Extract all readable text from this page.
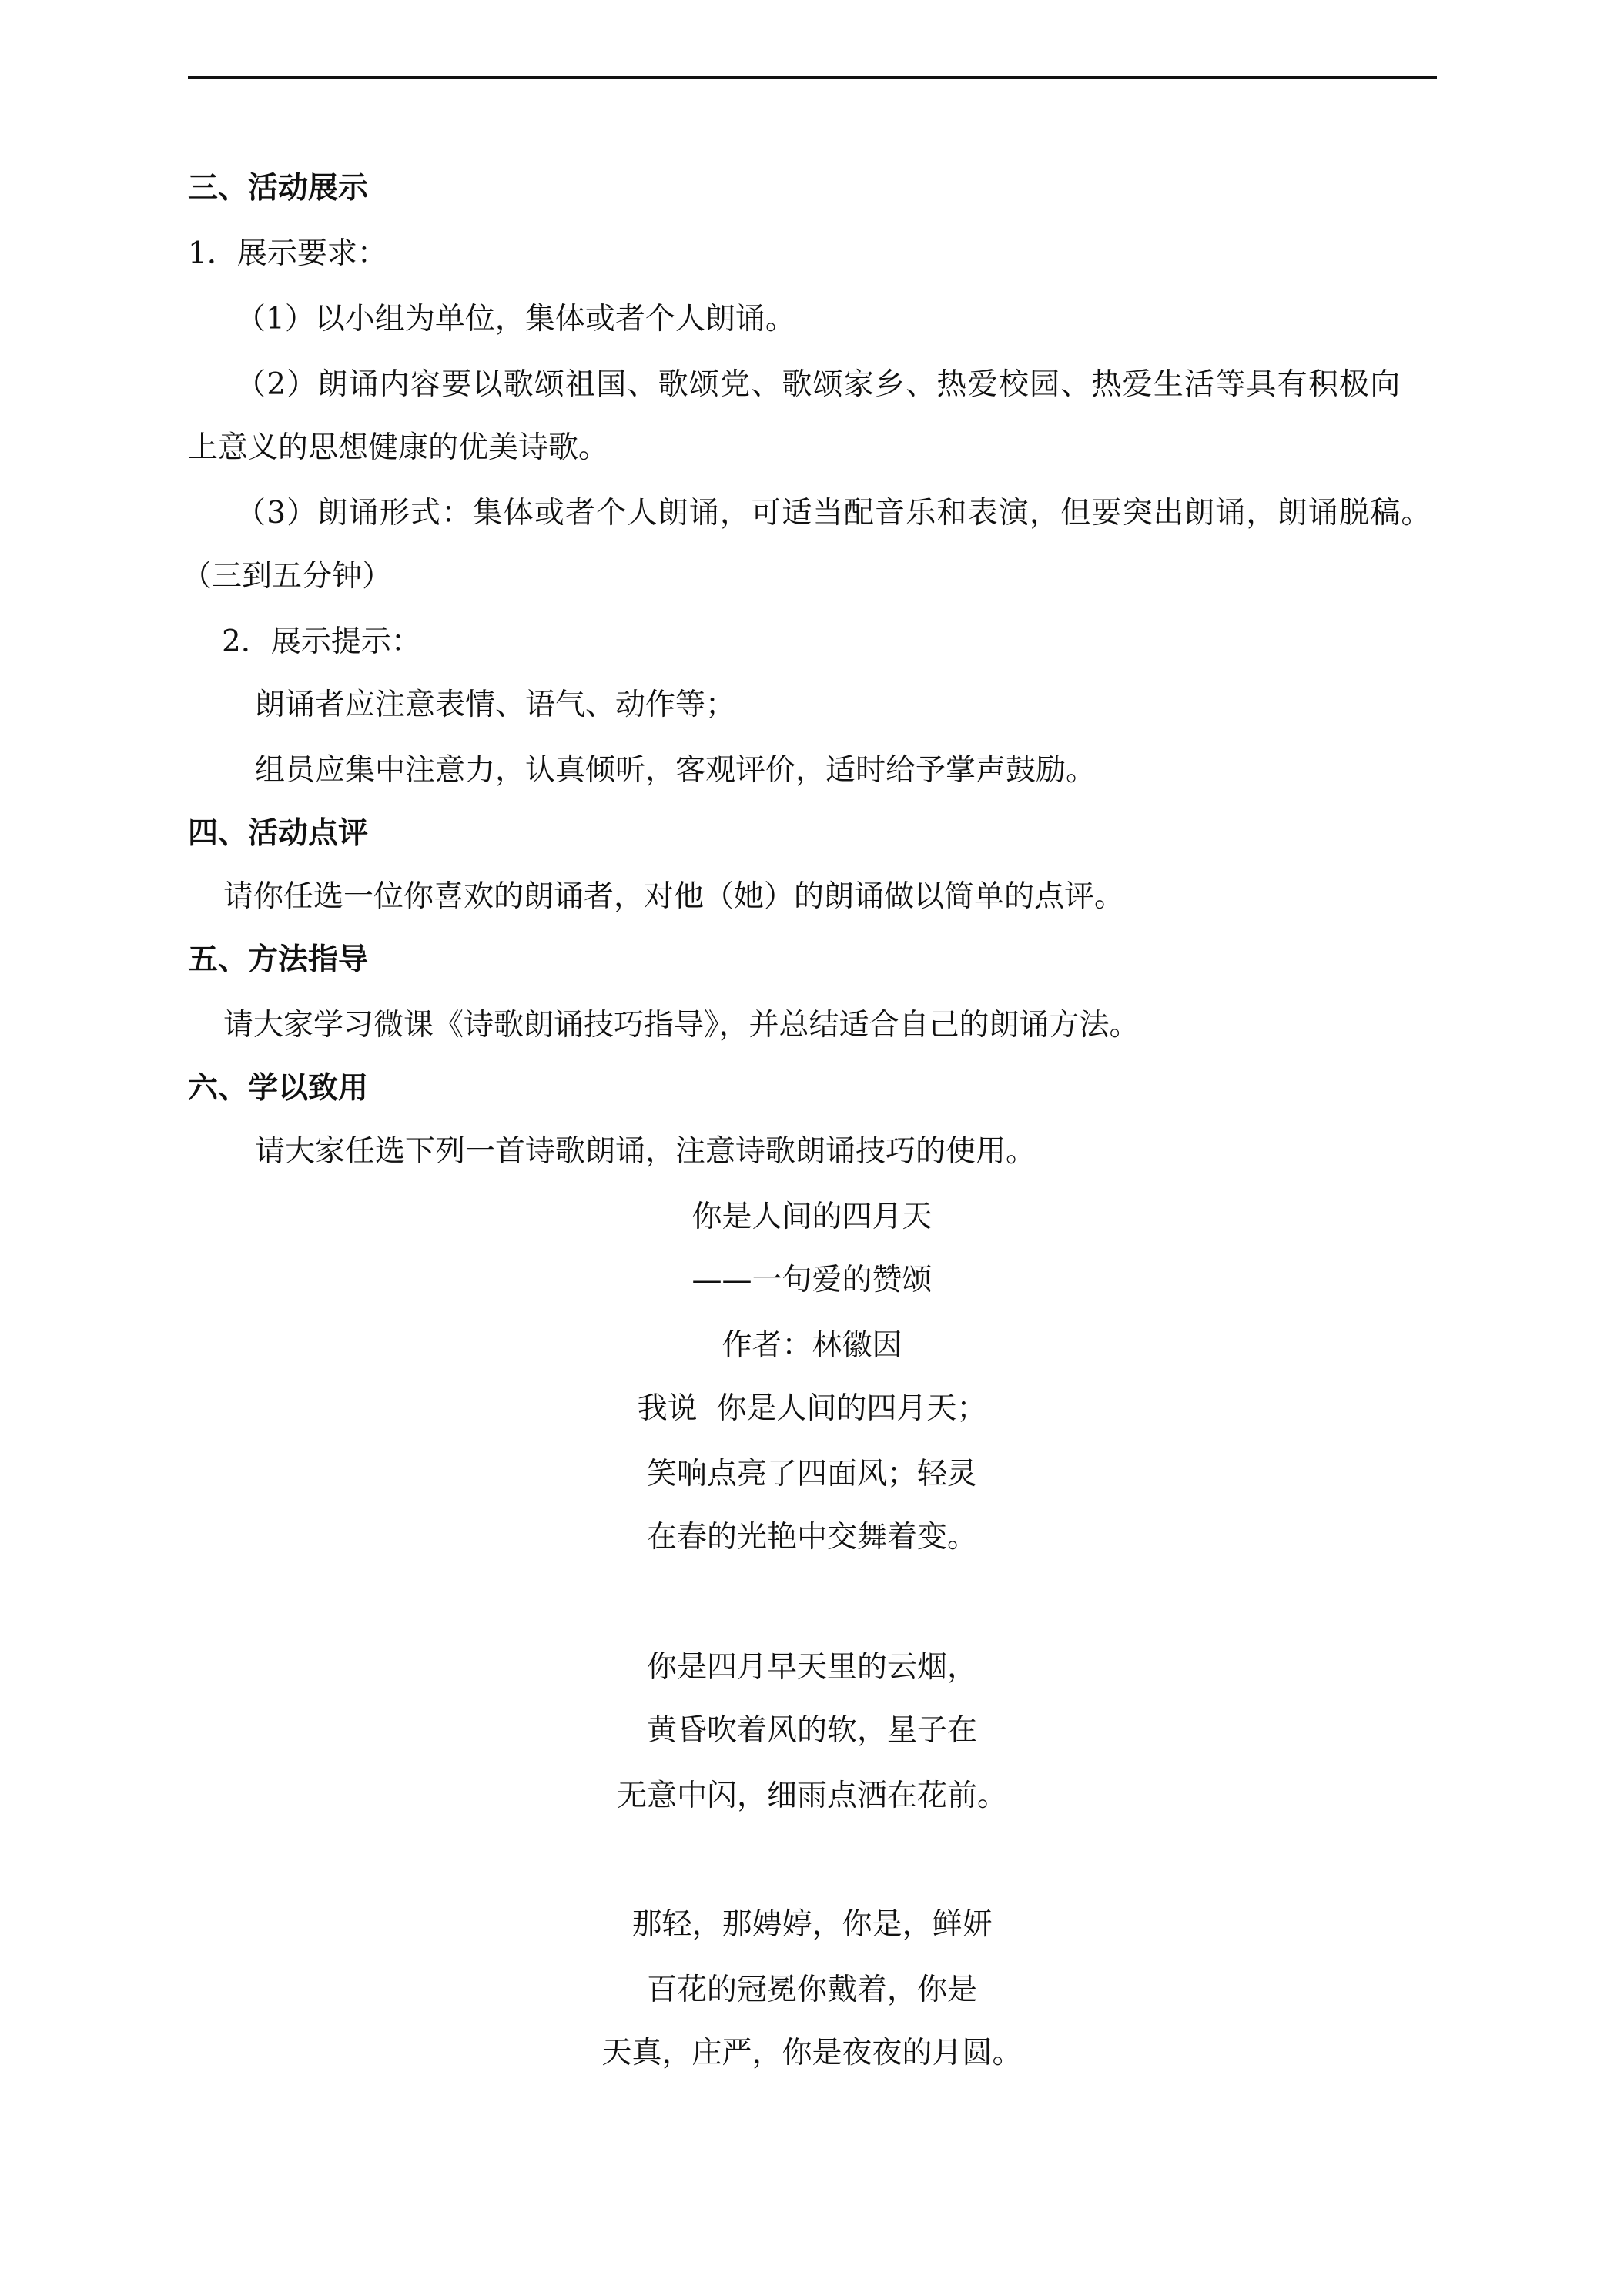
三、活动展示
1．展示要求：
（1）以小组为单位，集体或者个人朗诵。
（2）朗诵内容要以歌颂祖国、歌颂党、歌颂家乡、热爱校园、热爱生活等具有积极向
上意义的思想健康的优美诗歌。
（3）朗诵形式：集体或者个人朗诵，可适当配音乐和表演，但要突出朗诵，朗诵脱稿。
（三到五分钟）
2．展示提示：
朗诵者应注意表情、语气、动作等；
组员应集中注意力，认真倾听，客观评价，适时给予掌声鼓励。
四、活动点评
请你任选一位你喜欢的朗诵者，对他（她）的朗诵做以简单的点评。
五、方法指导
请大家学习微课《诗歌朗诵技巧指导》，并总结适合自己的朗诵方法。
六、学以致用
请大家任选下列一首诗歌朗诵，注意诗歌朗诵技巧的使用。
你是人间的四月天
——一句爱的赞颂
作者：林徽因
我说  你是人间的四月天；
笑响点亮了四面风；轻灵
在春的光艳中交舞着变。
你是四月早天里的云烟，
黄昏吹着风的软，星子在
无意中闪，细雨点洒在花前。
那轻，那娉婷，你是，鲜妍
百花的冠冕你戴着，你是
天真，庄严，你是夜夜的月圆。
